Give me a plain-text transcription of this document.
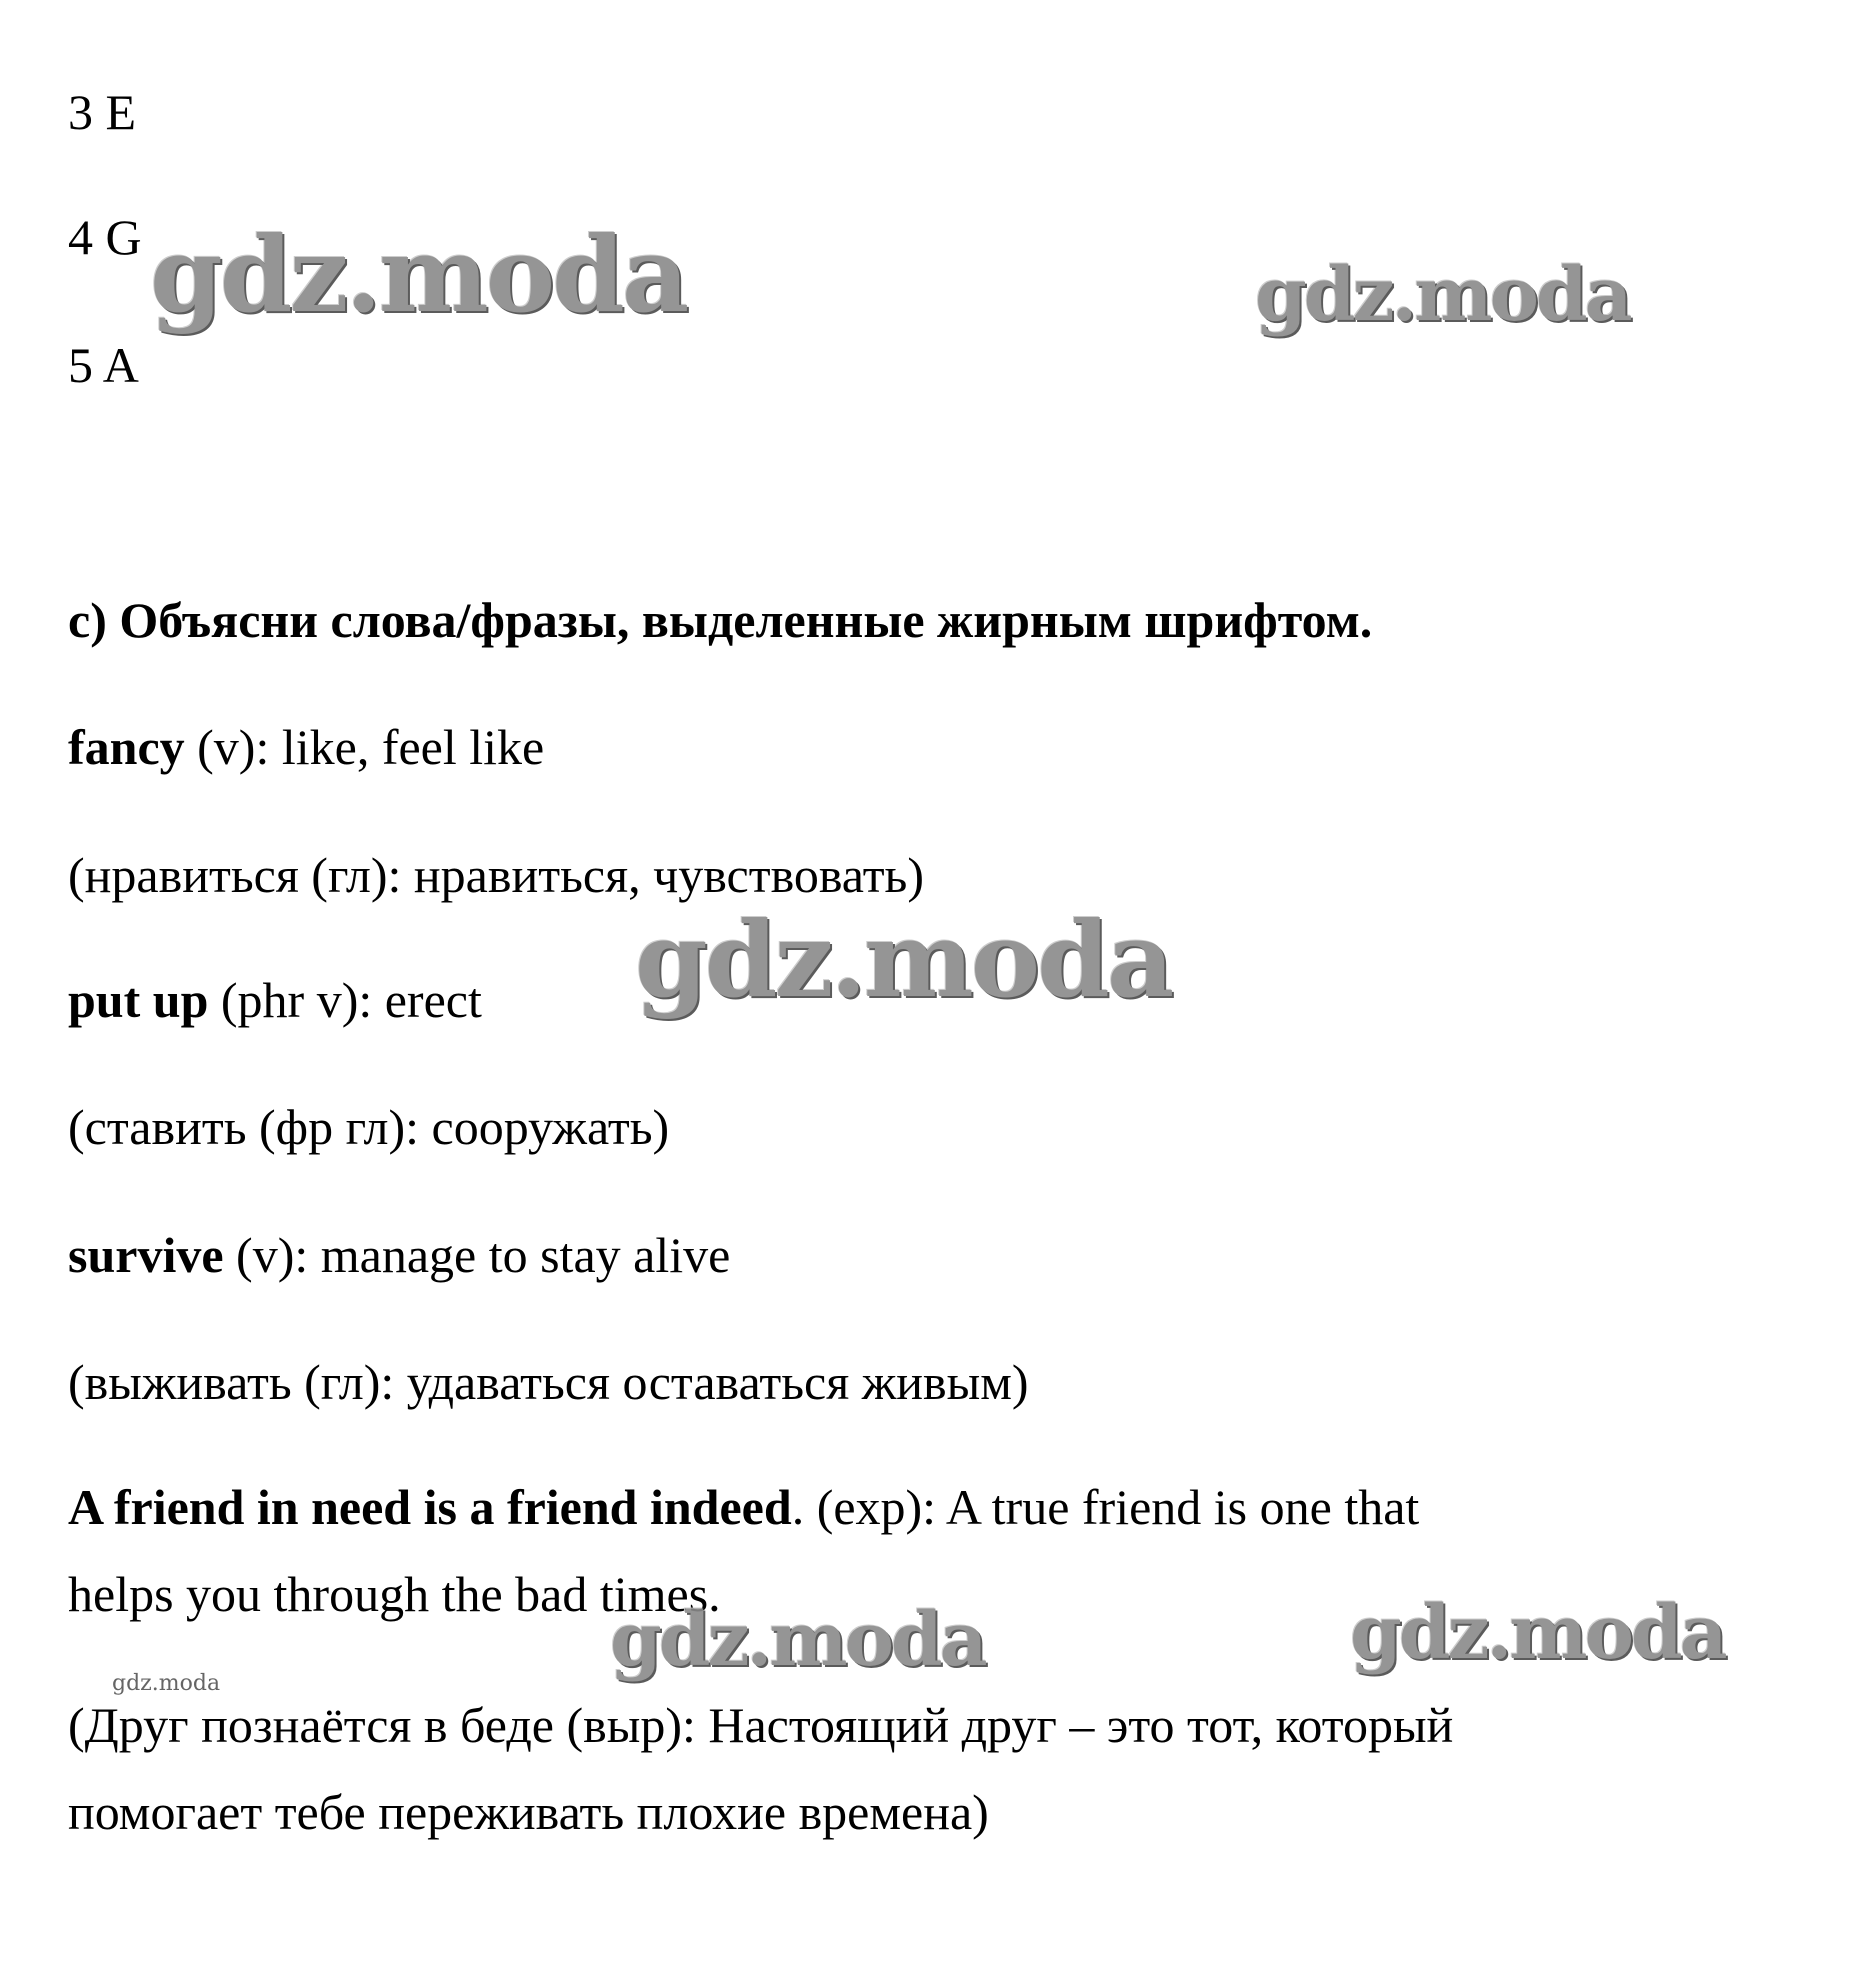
3 E
4 G
5 A
с) Объясни слова/фразы, выделенные жирным шрифтом.
fancy (v): like, feel like
(нравиться (гл): нравиться, чувствовать)
put up (phr v): erect
(ставить (фр гл): сооружать)
survive (v): manage to stay alive
(выживать (гл): удаваться оставаться живым)
A friend in need is a friend indeed. (exp): A true friend is one that
helps you through the bad times.
(Друг познаётся в беде (выр): Настоящий друг – это тот, который
помогает тебе переживать плохие времена)
gdz.moda	gdz.moda
gdz.moda
gdz.moda	gdz.moda
gdz.moda
